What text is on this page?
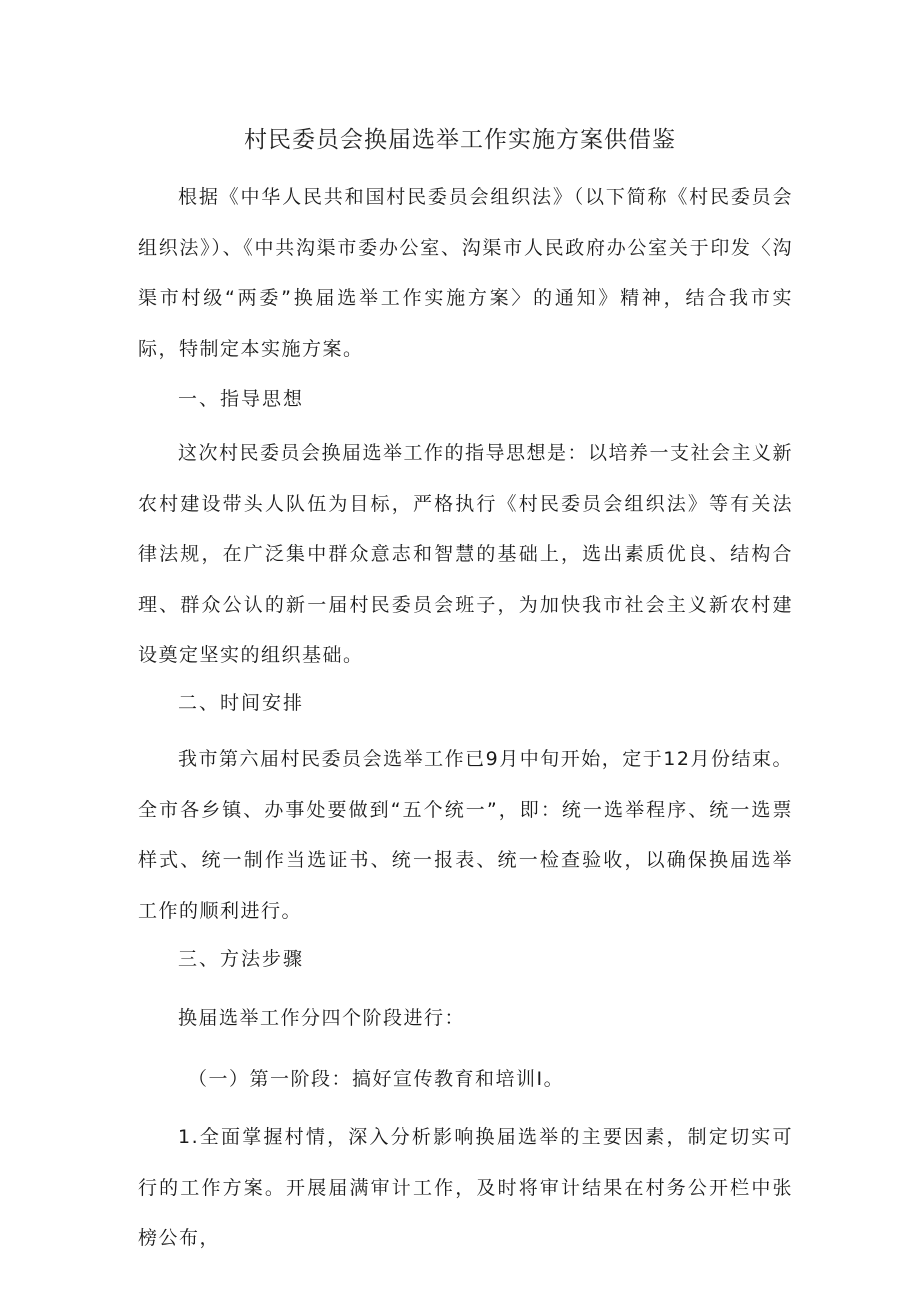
村民委员会换届选举工作实施方案供借鉴

根据《中华人民共和国村民委员会组织法》（以下简称《村民委员会组织法》）、《中共沟渠市委办公室、沟渠市人民政府办公室关于印发〈沟渠市村级“两委”换届选举工作实施方案〉的通知》精神，结合我市实际，特制定本实施方案。

一、指导思想

这次村民委员会换届选举工作的指导思想是：以培养一支社会主义新农村建设带头人队伍为目标，严格执行《村民委员会组织法》等有关法律法规，在广泛集中群众意志和智慧的基础上，选出素质优良、结构合理、群众公认的新一届村民委员会班子，为加快我市社会主义新农村建设奠定坚实的组织基础。

二、时间安排

我市第六届村民委员会选举工作已9月中旬开始，定于12月份结束。全市各乡镇、办事处要做到“五个统一”，即：统一选举程序、统一选票样式、统一制作当选证书、统一报表、统一检查验收，以确保换届选举工作的顺利进行。

三、方法步骤
换届选举工作分四个阶段进行：
（一）第一阶段：搞好宣传教育和培训I。

1.全面掌握村情，深入分析影响换届选举的主要因素，制定切实可行的工作方案。开展届满审计工作，及时将审计结果在村务公开栏中张榜公布，
